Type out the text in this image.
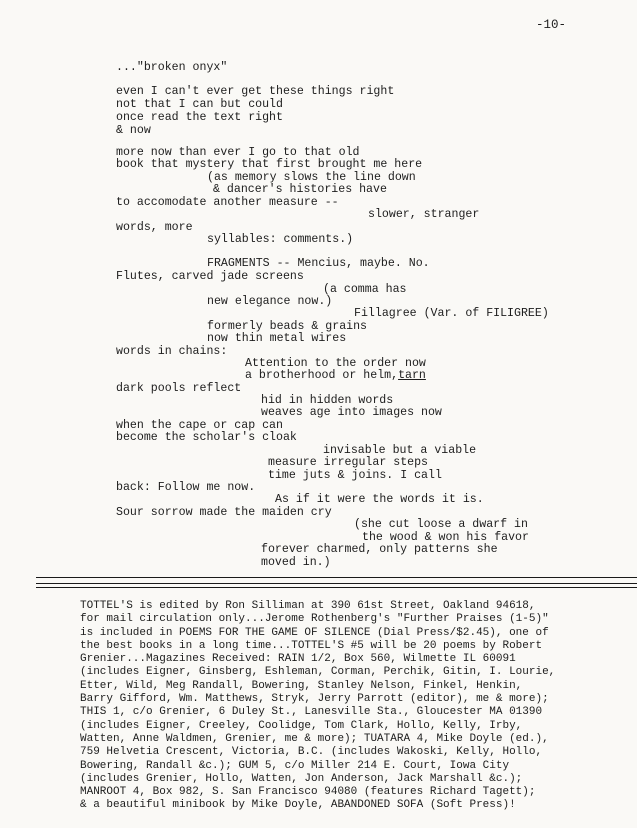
-10-
..."broken onyx"
even I can't ever get these things right
not that I can but could
once read the text right
& now
more now than ever I go to that old
book that mystery that first brought me here
(as memory slows the line down
& dancer's histories have
to accomodate another measure --
slower, stranger
words, more
syllables: comments.)
FRAGMENTS -- Mencius, maybe. No.
Flutes, carved jade screens
(a comma has
new elegance now.)
Fillagree (Var. of FILIGREE)
formerly beads & grains
now thin metal wires
words in chains:
Attention to the order now
a brotherhood or helm,tarn
dark pools reflect
hid in hidden words
weaves age into images now
when the cape or cap can
become the scholar's cloak
invisable but a viable
measure irregular steps
time juts & joins. I call
back: Follow me now.
As if it were the words it is.
Sour sorrow made the maiden cry
(she cut loose a dwarf in
the wood & won his favor
forever charmed, only patterns she
moved in.)
TOTTEL'S is edited by Ron Silliman at 390 61st Street, Oakland 94618,
for mail circulation only...Jerome Rothenberg's "Further Praises (1-5)"
is included in POEMS FOR THE GAME OF SILENCE (Dial Press/$2.45), one of
the best books in a long time...TOTTEL'S #5 will be 20 poems by Robert
Grenier...Magazines Received: RAIN 1/2, Box 560, Wilmette IL 60091
(includes Eigner, Ginsberg, Eshleman, Corman, Perchik, Gitin, I. Lourie,
Etter, Wild, Meg Randall, Bowering, Stanley Nelson, Finkel, Henkin,
Barry Gifford, Wm. Matthews, Stryk, Jerry Parrott (editor), me & more);
THIS 1, c/o Grenier, 6 Duley St., Lanesville Sta., Gloucester MA 01390
(includes Eigner, Creeley, Coolidge, Tom Clark, Hollo, Kelly, Irby,
Watten, Anne Waldmen, Grenier, me & more); TUATARA 4, Mike Doyle (ed.),
759 Helvetia Crescent, Victoria, B.C. (includes Wakoski, Kelly, Hollo,
Bowering, Randall &c.); GUM 5, c/o Miller 214 E. Court, Iowa City
(includes Grenier, Hollo, Watten, Jon Anderson, Jack Marshall &c.);
MANROOT 4, Box 982, S. San Francisco 94080 (features Richard Tagett);
& a beautiful minibook by Mike Doyle, ABANDONED SOFA (Soft Press)!
